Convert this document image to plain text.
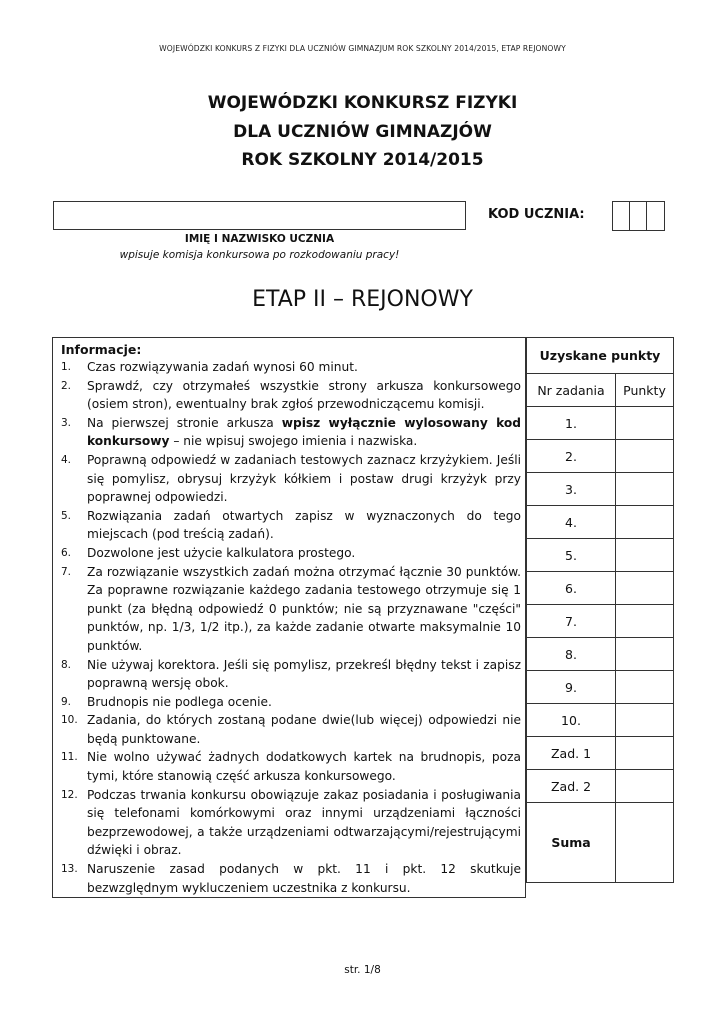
WOJEWÓDZKI KONKURS Z FIZYKI DLA UCZNIÓW GIMNAZJUM ROK SZKOLNY 2014/2015, ETAP REJONOWY
WOJEWÓDZKI KONKURSZ FIZYKI
DLA UCZNIÓW GIMNAZJÓW
ROK SZKOLNY 2014/2015
KOD UCZNIA:
IMIĘ I NAZWISKO UCZNIA
wpisuje komisja konkursowa po rozkodowaniu pracy!
ETAP II – REJONOWY
Informacje:
1.	Czas rozwiązywania zadań wynosi 60 minut.
2.	Sprawdź, czy otrzymałeś wszystkie strony arkusza konkursowego (osiem stron), ewentualny brak zgłoś przewodniczącemu komisji.
3.	Na pierwszej stronie arkusza wpisz wyłącznie wylosowany kod konkursowy – nie wpisuj swojego imienia i nazwiska.
4.	Poprawną odpowiedź w zadaniach testowych zaznacz krzyżykiem. Jeśli się pomylisz, obrysuj krzyżyk kółkiem i postaw drugi krzyżyk przy poprawnej odpowiedzi.
5.	Rozwiązania zadań otwartych zapisz w wyznaczonych do tego miejscach (pod treścią zadań).
6.	Dozwolone jest użycie kalkulatora prostego.
7.	Za rozwiązanie wszystkich zadań można otrzymać łącznie 30 punktów. Za poprawne rozwiązanie każdego zadania testowego otrzymuje się 1 punkt (za błędną odpowiedź 0 punktów; nie są przyznawane "części" punktów, np. 1/3, 1/2 itp.), za każde zadanie otwarte maksymalnie 10 punktów.
8.	Nie używaj korektora. Jeśli się pomylisz, przekreśl błędny tekst i zapisz poprawną wersję obok.
9.	Brudnopis nie podlega ocenie.
10. Zadania, do których zostaną podane dwie(lub więcej) odpowiedzi nie będą punktowane.
11. Nie wolno używać żadnych dodatkowych kartek na brudnopis, poza tymi, które stanowią część arkusza konkursowego.
12. Podczas trwania konkursu obowiązuje zakaz posiadania i posługiwania się telefonami komórkowymi oraz innymi urządzeniami łączności bezprzewodowej, a także urządzeniami odtwarzającymi/rejestrującymi dźwięki i obraz.
13. Naruszenie zasad podanych w pkt. 11 i pkt. 12 skutkuje bezwzględnym wykluczeniem uczestnika z konkursu.
Uzyskane punkty	
Nr zadania	Punkty
1.	
2.	
3.	
4.	
5.	
6.	
7.	
8.	
9.	
10.	
Zad. 1	
Zad. 2	
Suma	
str. 1/8
